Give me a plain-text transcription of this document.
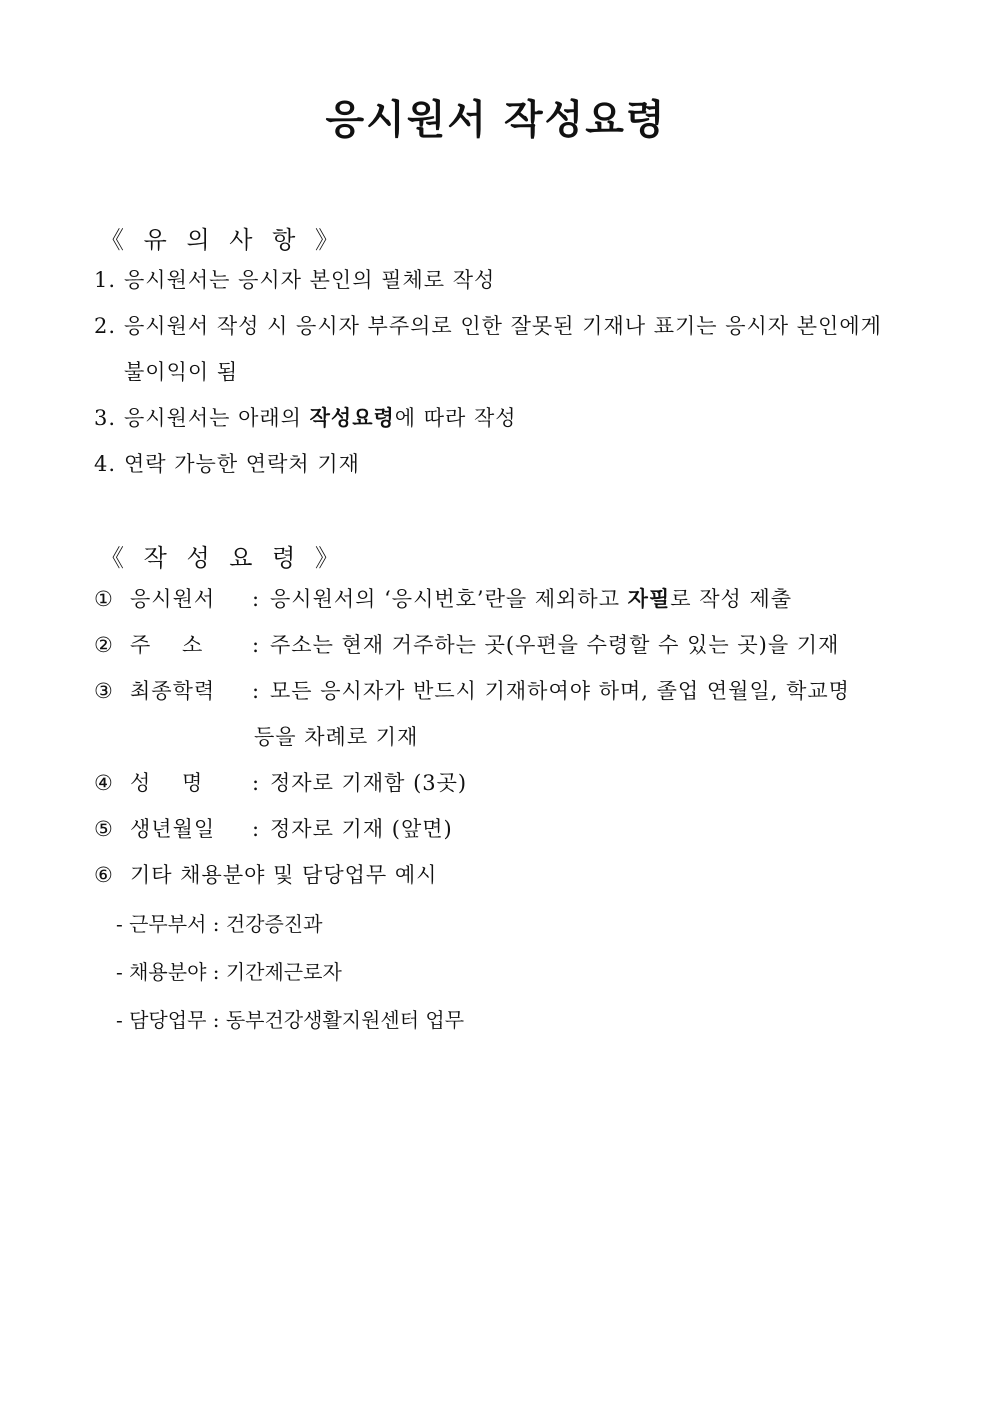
응시원서 작성요령
《 유 의 사 항 》
1. 응시원서는 응시자 본인의 필체로 작성
2. 응시원서 작성 시 응시자 부주의로 인한 잘못된 기재나 표기는 응시자 본인에게
불이익이 됨
3. 응시원서는 아래의 작성요령에 따라 작성
4. 연락 가능한 연락처 기재
《 작 성 요 령 》
① 응시원서 : 응시원서의 ‘응시번호’란을 제외하고 자필로 작성 제출
② 주    소 : 주소는 현재 거주하는 곳(우편을 수령할 수 있는 곳)을 기재
③ 최종학력 : 모든 응시자가 반드시 기재하여야 하며, 졸업 연월일, 학교명
등을 차례로 기재
④ 성    명 : 정자로 기재함 (3곳)
⑤ 생년월일 : 정자로 기재 (앞면)
⑥ 기타 채용분야 및 담당업무 예시
- 근무부서 : 건강증진과
- 채용분야 : 기간제근로자
- 담당업무 : 동부건강생활지원센터 업무
